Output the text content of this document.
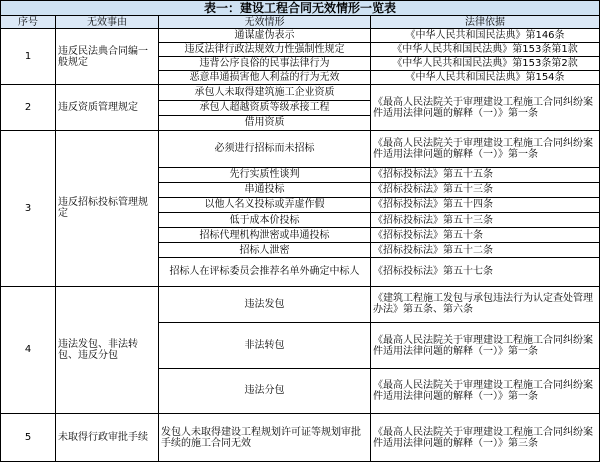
表一：建设工程合同无效情形一览表			
序号	无效事由	无效情形	法律依据
1	违反民法典合同编一般规定	通谋虚伪表示	《中华人民共和国民法典》第146条
		违反法律行政法规效力性强制性规定	《中华人民共和国民法典》第153条第1款
		违背公序良俗的民事法律行为	《中华人民共和国民法典》第153条第2款
		恶意串通损害他人利益的行为无效	《中华人民共和国民法典》第154条
2	违反资质管理规定	承包人未取得建筑施工企业资质	《最高人民法院关于审理建设工程施工合同纠纷案件适用法律问题的解释（一）》第一条
		承包人超越资质等级承接工程	
		借用资质	
3	违反招标投标管理规定	必须进行招标而未招标	《最高人民法院关于审理建设工程施工合同纠纷案件适用法律问题的解释（一）》第一条
		先行实质性谈判	《招标投标法》第五十五条
		串通投标	《招标投标法》第五十三条
		以他人名义投标或弄虚作假	《招标投标法》第五十四条
		低于成本价投标	《招标投标法》第五十三条
		招标代理机构泄密或串通投标	《招标投标法》第五十条
		招标人泄密	《招标投标法》第五十二条
		招标人在评标委员会推荐名单外确定中标人	《招标投标法》第五十七条
4	违法发包、非法转包、违反分包	违法发包	《建筑工程施工发包与承包违法行为认定查处管理办法》第五条、第六条
		非法转包	《最高人民法院关于审理建设工程施工合同纠纷案件适用法律问题的解释（一）》第一条
		违法分包	《最高人民法院关于审理建设工程施工合同纠纷案件适用法律问题的解释（一）》第一条
5	未取得行政审批手续	发包人未取得建设工程规划许可证等规划审批手续的施工合同无效	《最高人民法院关于审理建设工程施工合同纠纷案件适用法律问题的解释（一）》第三条
